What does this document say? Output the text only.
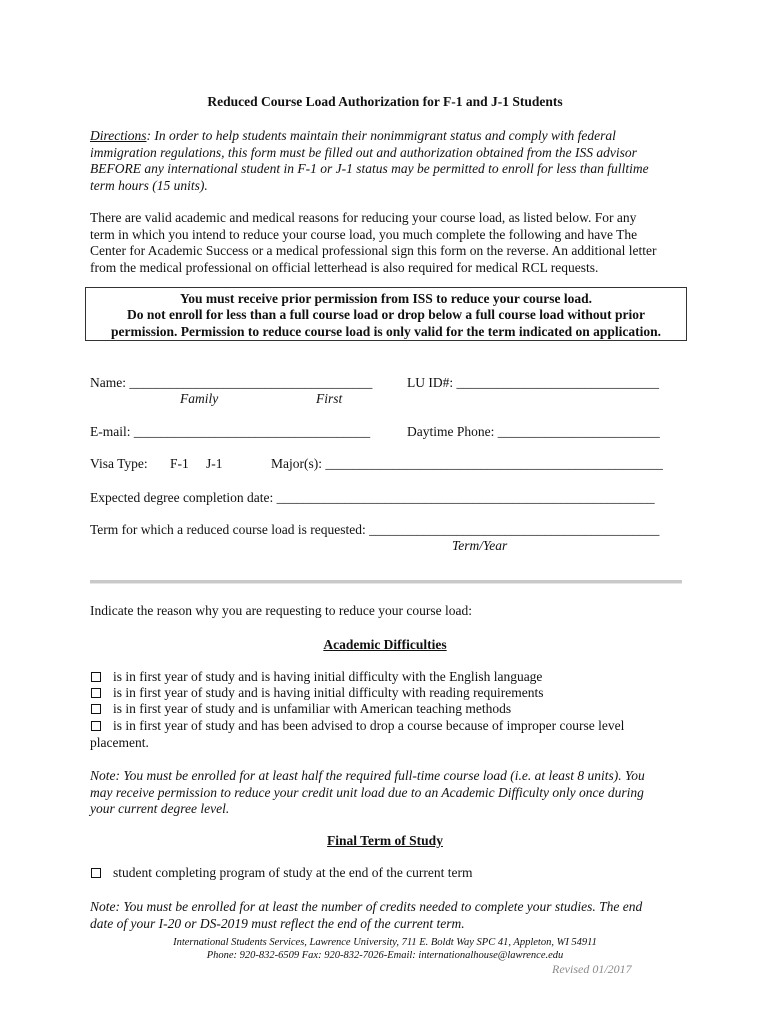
Reduced Course Load Authorization for F-1 and J-1 Students
Directions: In order to help students maintain their nonimmigrant status and comply with federal
immigration regulations, this form must be filled out and authorization obtained from the ISS advisor
BEFORE any international student in F-1 or J-1 status may be permitted to enroll for less than fulltime
term hours (15 units).
There are valid academic and medical reasons for reducing your course load, as listed below. For any
term in which you intend to reduce your course load, you much complete the following and have The
Center for Academic Success or a medical professional sign this form on the reverse. An additional letter
from the medical professional on official letterhead is also required for medical RCL requests.
You must receive prior permission from ISS to reduce your course load.
Do not enroll for less than a full course load or drop below a full course load without prior
permission. Permission to reduce course load is only valid for the term indicated on application.
Name: ____________________________________
Family	First
LU ID#: ______________________________
E-mail: ___________________________________	Daytime Phone: ________________________
Visa Type: F-1 J-1	Major(s): __________________________________________________
Expected degree completion date: ________________________________________________________
Term for which a reduced course load is requested: ___________________________________________
Term/Year
Indicate the reason why you are requesting to reduce your course load:
Academic Difficulties
is in first year of study and is having initial difficulty with the English language
is in first year of study and is having initial difficulty with reading requirements
is in first year of study and is unfamiliar with American teaching methods
is in first year of study and has been advised to drop a course because of improper course level
placement.
Note: You must be enrolled for at least half the required full-time course load (i.e. at least 8 units). You
may receive permission to reduce your credit unit load due to an Academic Difficulty only once during
your current degree level.
Final Term of Study
student completing program of study at the end of the current term
Note: You must be enrolled for at least the number of credits needed to complete your studies. The end
date of your I-20 or DS-2019 must reflect the end of the current term.
International Students Services, Lawrence University, 711 E. Boldt Way SPC 41, Appleton, WI 54911
Phone: 920-832-6509 Fax: 920-832-7026-Email: internationalhouse@lawrence.edu
Revised 01/2017
